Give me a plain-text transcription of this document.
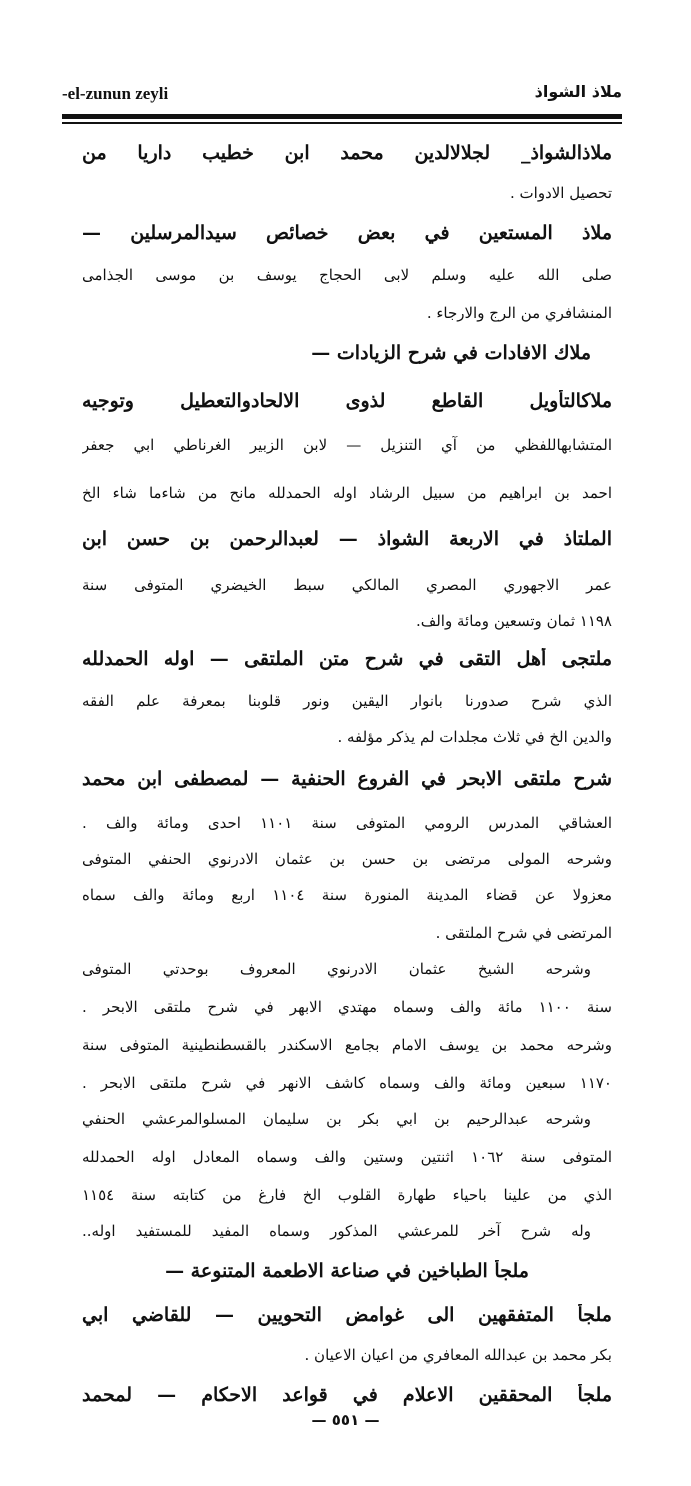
-el-zunun zeyli	ملاذ الشواذ
ملاذالشواذ_ لجلالالدين محمد ابن خطيب داريا من
تحصيل الادوات .
ملاذ المستعين في بعض خصائص سيدالمرسلين —
صلى الله عليه وسلم لابى الحجاج يوسف بن موسى الجذامى
المنشافري من الرج والارجاء .
ملاك الافادات في شرح الزيادات —
ملاكالتأويل القاطع لذوى الالحادوالتعطيل وتوجيه
المتشابهاللفظي من آي التنزيل — لابن الزبير الغرناطي ابي جعفر
احمد بن ابراهيم من سبيل الرشاد اوله الحمدلله مانح من شاءما شاء الخ
الملتاذ في الاربعة الشواذ — لعبدالرحمن بن حسن ابن
عمر الاجهوري المصري المالكي سبط الخيضري المتوفى سنة
١١٩٨ ثمان وتسعين ومائة والف.
ملتجى أهل التقى في شرح متن الملتقى — اوله الحمدلله
الذي شرح صدورنا بانوار اليقين ونور قلوبنا بمعرفة علم الفقه
والدين الخ في ثلاث مجلدات لم يذكر مؤلفه .
شرح ملتقى الابحر في الفروع الحنفية — لمصطفى ابن محمد
العشاقي المدرس الرومي المتوفى سنة ١١٠١ احدى ومائة والف .
وشرحه المولى مرتضى بن حسن بن عثمان الادرنوي الحنفي المتوفى
معزولا عن قضاء المدينة المنورة سنة ١١٠٤ اربع ومائة والف سماه
المرتضى في شرح الملتقى .
وشرحه الشيخ عثمان الادرنوي المعروف بوحدتي المتوفى
سنة ١١٠٠ مائة والف وسماه مهتدي الابهر في شرح ملتقى الابحر .
وشرحه محمد بن يوسف الامام بجامع الاسكندر بالقسطنطينية المتوفى سنة
١١٧٠ سبعين ومائة والف وسماه كاشف الانهر في شرح ملتقى الابحر .
وشرحه عبدالرحيم بن ابي بكر بن سليمان المسلوالمرعشي الحنفي
المتوفى سنة ١٠٦٢ اثنتين وستين والف وسماه المعادل اوله الحمدلله
الذي من علينا باحياء طهارة القلوب الخ فارغ من كتابته سنة ١١٥٤
وله شرح آخر للمرعشي المذكور وسماه المفيد للمستفيد اوله..
ملجأ الطباخين في صناعة الاطعمة المتنوعة —
ملجأ المتفقهين الى غوامض التحويين — للقاضي ابي
بكر محمد بن عبدالله المعافري من اعيان الاعيان .
ملجأ المحققين الاعلام في قواعد الاحكام — لمحمد
— ٥٥١ —
